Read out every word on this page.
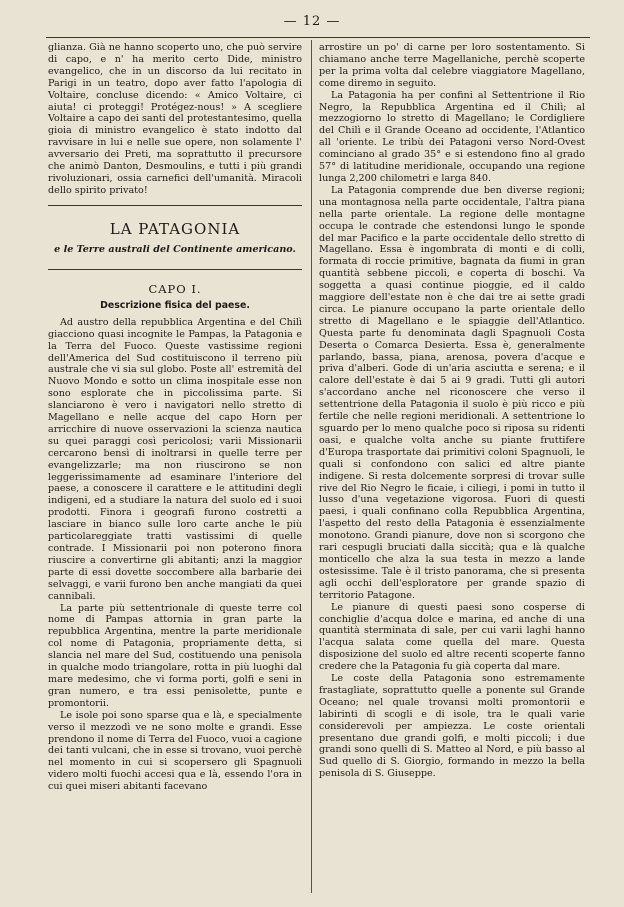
— 12 —

glianza. Già ne hanno scoperto uno, che può servire di capo, e n' ha merito certo Dide, ministro evangelico, che in un discorso da lui recitato in Parigi in un teatro, dopo aver fatto l'apologia di Voltaire, concluse dicendo: « Amico Voltaire, ci aiuta! ci proteggi! Protégez-nous! » A scegliere Voltaire a capo dei santi del protestantesimo, quella gioia di ministro evangelico è stato indotto dal ravvisare in lui e nelle sue opere, non solamente l' avversario dei Preti, ma soprattutto il precursore che animò Danton, Desmoulins, e tutti i più grandi rivoluzionari, ossia carnefici dell'umanità. Miracoli dello spirito privato!

LA PATAGONIA
e le Terre australi del Continente americano.
CAPO I.
Descrizione fisica del paese.

Ad austro della repubblica Argentina e del Chilì giacciono quasi incognite le Pampas, la Patagonia e la Terra del Fuoco. Queste vastissime regioni dell'America del Sud costituiscono il terreno più australe che vi sia sul globo. Poste all' estremità del Nuovo Mondo e sotto un clima inospitale esse non sono esplorate che in piccolissima parte. Si slanciarono è vero i navigatori nello stretto di Magellano e nelle acque del capo Horn per arricchire di nuove osservazioni la scienza nautica su quei paraggi così pericolosi; varii Missionarii cercarono bensì di inoltrarsi in quelle terre per evangelizzarle; ma non riuscirono se non leggerissimamente ad esaminare l'interiore del paese, a conoscere il carattere e le attitudini degli indigeni, ed a studiare la natura del suolo ed i suoi prodotti. Finora i geografi furono costretti a lasciare in bianco sulle loro carte anche le più particolareggiate tratti vastissimi di quelle contrade. I Missionarii poi non poterono finora riuscire a convertirne gli abitanti; anzi la maggior parte di essi dovette soccombere alla barbarie dei selvaggi, e varii furono ben anche mangiati da quei cannibali.

La parte più settentrionale di queste terre col nome di Pampas attornia in gran parte la repubblica Argentina, mentre la parte meridionale col nome di Patagonia, propriamente detta, si slancia nel mare del Sud, costituendo una penisola in qualche modo triangolare, rotta in più luoghi dal mare medesimo, che vi forma porti, golfi e seni in gran numero, e tra essi penisolette, punte e promontorii.

Le isole poi sono sparse qua e là, e specialmente verso il mezzodì ve ne sono molte e grandi. Esse prendono il nome di Terra del Fuoco, vuoi a cagione dei tanti vulcani, che in esse si trovano, vuoi perchè nel momento in cui si scopersero gli Spagnuoli videro molti fuochi accesi qua e là, essendo l'ora in cui quei miseri abitanti facevano

arrostire un po' di carne per loro sostentamento. Si chiamano anche terre Magellaniche, perchè scoperte per la prima volta dal celebre viaggiatore Magellano, come diremo in seguito.

La Patagonia ha per confini al Settentrione il Rio Negro, la Repubblica Argentina ed il Chilì; al mezzogiorno lo stretto di Magellano; le Cordigliere del Chilì e il Grande Oceano ad occidente, l'Atlantico all 'oriente. Le tribù dei Patagoni verso Nord-Ovest cominciano al grado 35° e si estendono fino al grado 57° di latitudine meridionale, occupando una regione lunga 2,200 chilometri e larga 840.

La Patagonia comprende due ben diverse regioni; una montagnosa nella parte occidentale, l'altra piana nella parte orientale. La regione delle montagne occupa le contrade che estendonsi lungo le sponde del mar Pacifico e la parte occidentale dello stretto di Magellano. Essa è ingombrata di monti e di colli, formata di roccie primitive, bagnata da fiumi in gran quantità sebbene piccoli, e coperta di boschi. Va soggetta a quasi continue pioggie, ed il caldo maggiore dell'estate non è che dai tre ai sette gradi circa. Le pianure occupano la parte orientale dello stretto di Magellano e le spiaggie dell'Atlantico. Questa parte fu denominata dagli Spagnuoli Costa Deserta o Comarca Desierta. Essa è, generalmente parlando, bassa, piana, arenosa, povera d'acque e priva d'alberi. Gode di un'aria asciutta e serena; e il calore dell'estate è dai 5 ai 9 gradi. Tutti gli autori s'accordano anche nel riconoscere che verso il settentrione della Patagonia il suolo è più ricco e più fertile che nelle regioni meridionali. A settentrione lo sguardo per lo meno qualche poco si riposa su ridenti oasi, e qualche volta anche su piante fruttifere d'Europa trasportate dai primitivi coloni Spagnuoli, le quali si confondono con salici ed altre piante indigene. Si resta dolcemente sorpresi di trovar sulle rive del Rio Negro le ficaie, i ciliegi, i pomi in tutto il lusso d'una vegetazione vigorosa. Fuori di questi paesi, i quali confinano colla Repubblica Argentina, l'aspetto del resto della Patagonia è essenzialmente monotono. Grandi pianure, dove non si scorgono che rari cespugli bruciati dalla siccità; qua e là qualche monticello che alza la sua testa in mezzo a lande ostesissime. Tale è il tristo panorama, che si presenta agli occhi dell'esploratore per grande spazio di territorio Patagone.

Le pianure di questi paesi sono cosperse di conchiglie d'acqua dolce e marina, ed anche di una quantità sterminata di sale, per cui varii laghi hanno l'acqua salata come quella del mare. Questa disposizione del suolo ed altre recenti scoperte fanno credere che la Patagonia fu già coperta dal mare.

Le coste della Patagonia sono estremamente frastagliate, soprattutto quelle a ponente sul Grande Oceano; nel quale trovansi molti promontorii e labirinti di scogli e di isole, tra le quali varie considerevoli per ampiezza. Le coste orientali presentano due grandi golfi, e molti piccoli; i due grandi sono quelli di S. Matteo al Nord, e più basso al Sud quello di S. Giorgio, formando in mezzo la bella penisola di S. Giuseppe.
